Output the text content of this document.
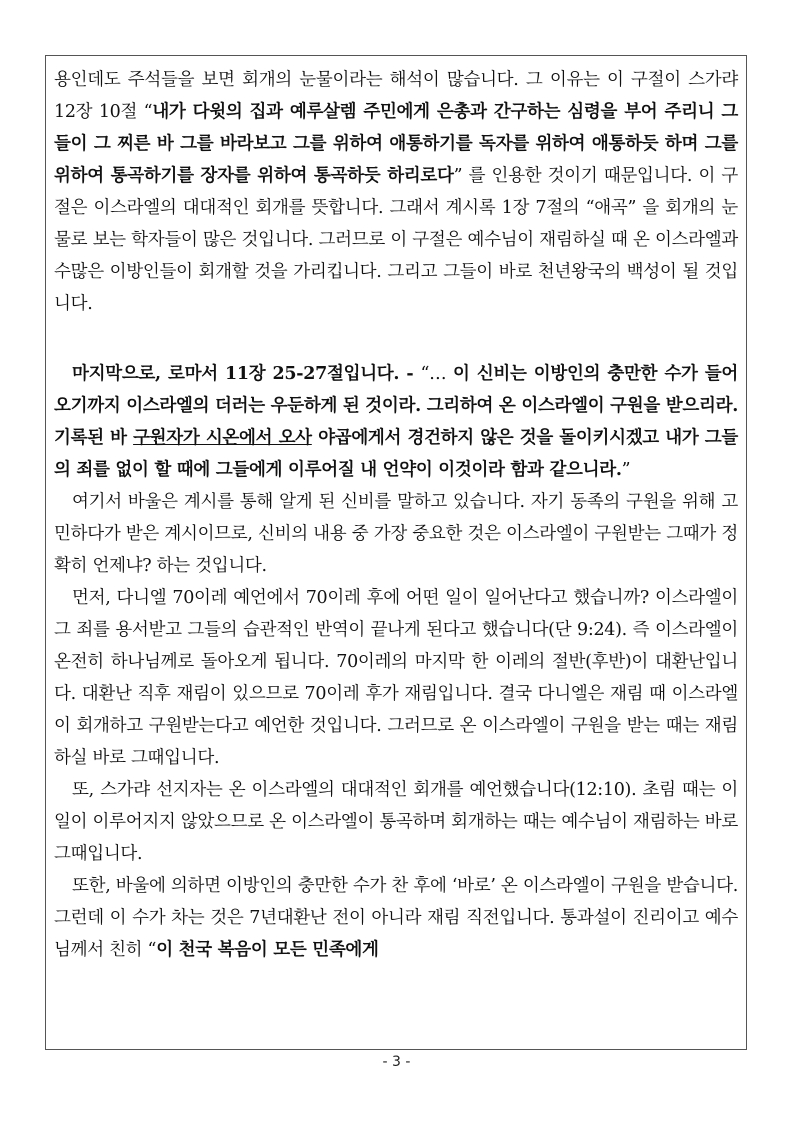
용인데도 주석들을 보면 회개의 눈물이라는 해석이 많습니다. 그 이유는 이 구절이 스가랴 12장 10절 “내가 다윗의 집과 예루살렘 주민에게 은총과 간구하는 심령을 부어 주리니 그들이 그 찌른 바 그를 바라보고 그를 위하여 애통하기를 독자를 위하여 애통하듯 하며 그를 위하여 통곡하기를 장자를 위하여 통곡하듯 하리로다” 를 인용한 것이기 때문입니다. 이 구절은 이스라엘의 대대적인 회개를 뜻합니다. 그래서 계시록 1장 7절의 “애곡” 을 회개의 눈물로 보는 학자들이 많은 것입니다. 그러므로 이 구절은 예수님이 재림하실 때 온 이스라엘과 수많은 이방인들이 회개할 것을 가리킵니다. 그리고 그들이 바로 천년왕국의 백성이 될 것입니다.

마지막으로, 로마서 11장 25-27절입니다. - “… 이 신비는 이방인의 충만한 수가 들어오기까지 이스라엘의 더러는 우둔하게 된 것이라. 그리하여 온 이스라엘이 구원을 받으리라. 기록된 바 구원자가 시온에서 오사 야곱에게서 경건하지 않은 것을 돌이키시겠고 내가 그들의 죄를 없이 할 때에 그들에게 이루어질 내 언약이 이것이라 함과 같으니라.”

여기서 바울은 계시를 통해 알게 된 신비를 말하고 있습니다. 자기 동족의 구원을 위해 고민하다가 받은 계시이므로, 신비의 내용 중 가장 중요한 것은 이스라엘이 구원받는 그때가 정확히 언제냐? 하는 것입니다.

먼저, 다니엘 70이레 예언에서 70이레 후에 어떤 일이 일어난다고 했습니까? 이스라엘이 그 죄를 용서받고 그들의 습관적인 반역이 끝나게 된다고 했습니다(단 9:24). 즉 이스라엘이 온전히 하나님께로 돌아오게 됩니다. 70이레의 마지막 한 이레의 절반(후반)이 대환난입니다. 대환난 직후 재림이 있으므로 70이레 후가 재림입니다. 결국 다니엘은 재림 때 이스라엘이 회개하고 구원받는다고 예언한 것입니다. 그러므로 온 이스라엘이 구원을 받는 때는 재림하실 바로 그때입니다.

또, 스가랴 선지자는 온 이스라엘의 대대적인 회개를 예언했습니다(12:10). 초림 때는 이 일이 이루어지지 않았으므로 온 이스라엘이 통곡하며 회개하는 때는 예수님이 재림하는 바로 그때입니다.

또한, 바울에 의하면 이방인의 충만한 수가 찬 후에 ‘바로’ 온 이스라엘이 구원을 받습니다. 그런데 이 수가 차는 것은 7년대환난 전이 아니라 재림 직전입니다. 통과설이 진리이고 예수님께서 친히 “이 천국 복음이 모든 민족에게

- 3 -
